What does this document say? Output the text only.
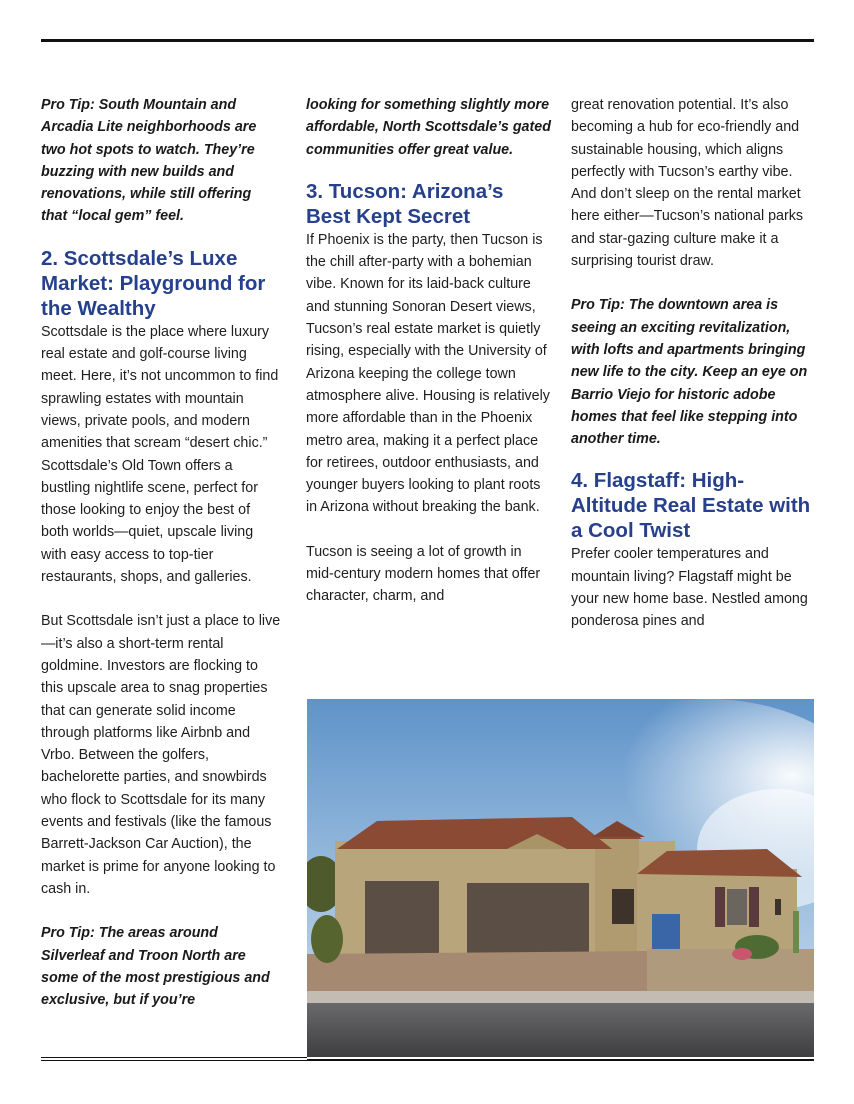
Pro Tip: South Mountain and Arcadia Lite neighborhoods are two hot spots to watch. They’re buzzing with new builds and renovations, while still offering that “local gem” feel.

2. Scottsdale’s Luxe Market: Playground for the Wealthy

Scottsdale is the place where luxury real estate and golf-course living meet. Here, it’s not uncommon to find sprawling estates with mountain views, private pools, and modern amenities that scream “desert chic.” Scottsdale’s Old Town offers a bustling nightlife scene, perfect for those looking to enjoy the best of both worlds—quiet, upscale living with easy access to top-tier restaurants, shops, and galleries.

But Scottsdale isn’t just a place to live—it’s also a short-term rental goldmine. Investors are flocking to this upscale area to snag properties that can generate solid income through platforms like Airbnb and Vrbo. Between the golfers, bachelorette parties, and snowbirds who flock to Scottsdale for its many events and festivals (like the famous Barrett-Jackson Car Auction), the market is prime for anyone looking to cash in.

Pro Tip: The areas around Silverleaf and Troon North are some of the most prestigious and exclusive, but if you’re

looking for something slightly more affordable, North Scottsdale’s gated communities offer great value.

3. Tucson: Arizona’s Best Kept Secret

If Phoenix is the party, then Tucson is the chill after-party with a bohemian vibe. Known for its laid-back culture and stunning Sonoran Desert views, Tucson’s real estate market is quietly rising, especially with the University of Arizona keeping the college town atmosphere alive. Housing is relatively more affordable than in the Phoenix metro area, making it a perfect place for retirees, outdoor enthusiasts, and younger buyers looking to plant roots in Arizona without breaking the bank.

Tucson is seeing a lot of growth in mid-century modern homes that offer character, charm, and

great renovation potential. It’s also becoming a hub for eco-friendly and sustainable housing, which aligns perfectly with Tucson’s earthy vibe. And don’t sleep on the rental market here either—Tucson’s national parks and star-gazing culture make it a surprising tourist draw.

Pro Tip: The downtown area is seeing an exciting revitalization, with lofts and apartments bringing new life to the city. Keep an eye on Barrio Viejo for historic adobe homes that feel like stepping into another time.

4. Flagstaff: High-Altitude Real Estate with a Cool Twist

Prefer cooler temperatures and mountain living? Flagstaff might be your new home base. Nestled among ponderosa pines and
